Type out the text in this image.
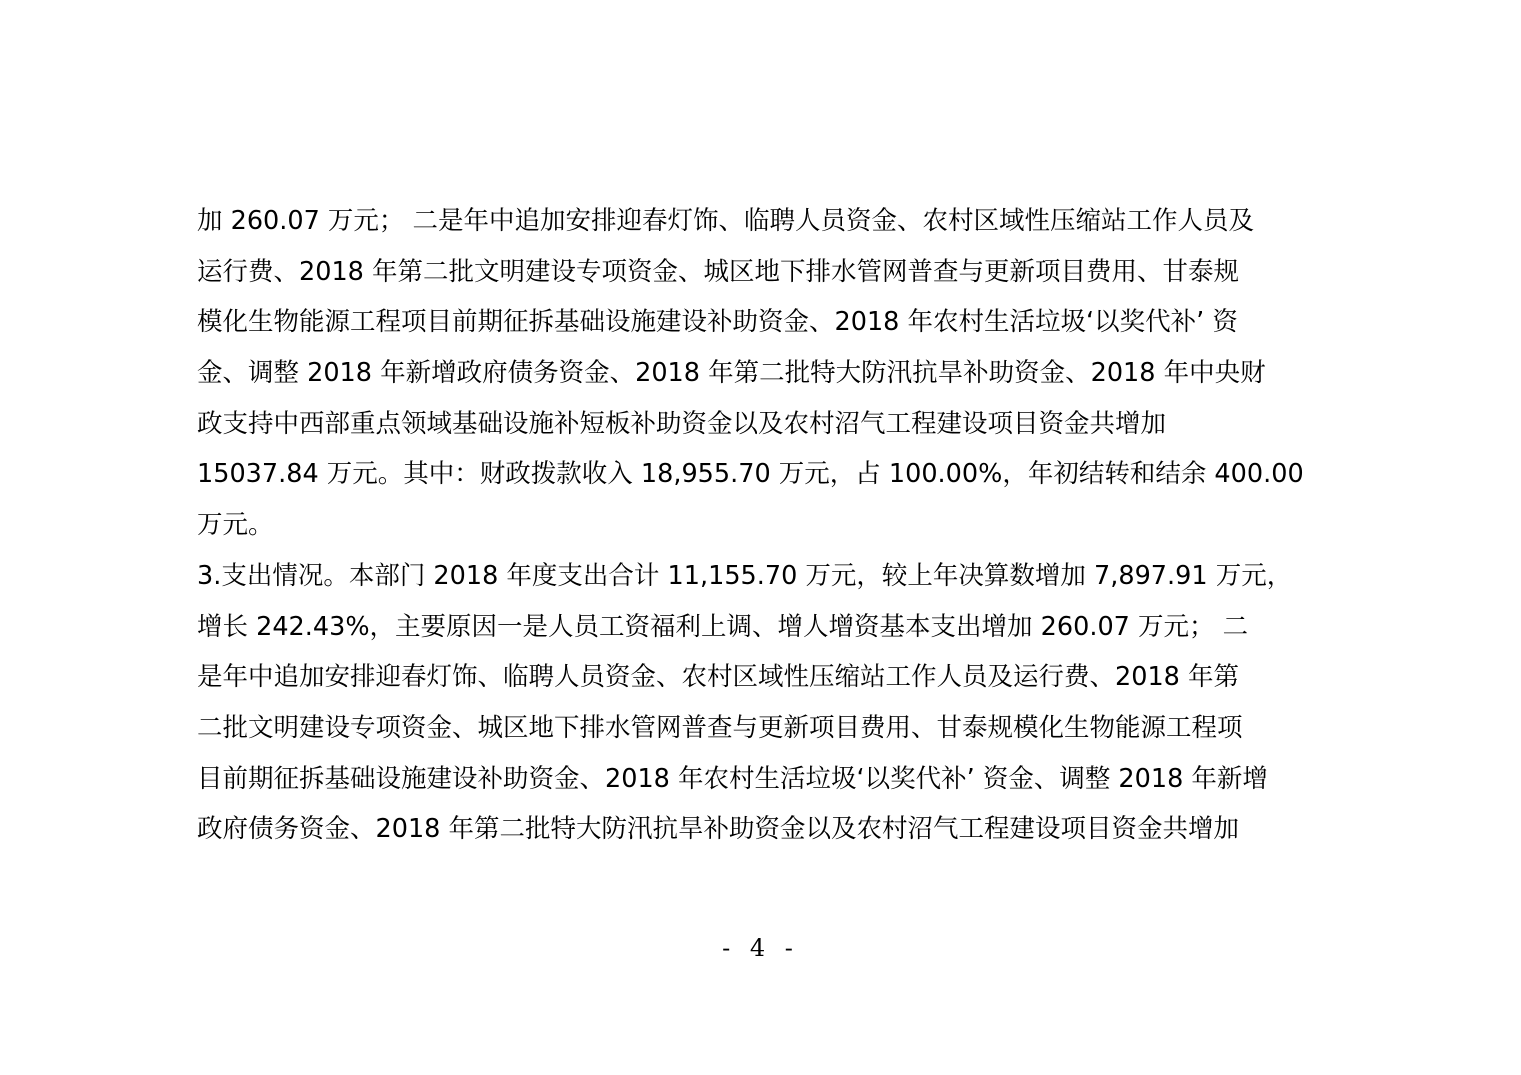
加 260.07 万元； 二是年中追加安排迎春灯饰、临聘人员资金、农村区域性压缩站工作人员及
运行费、2018 年第二批文明建设专项资金、城区地下排水管网普查与更新项目费用、甘泰规
模化生物能源工程项目前期征拆基础设施建设补助资金、2018 年农村生活垃圾‘以奖代补’ 资
金、调整 2018 年新增政府债务资金、2018 年第二批特大防汛抗旱补助资金、2018 年中央财
政支持中西部重点领域基础设施补短板补助资金以及农村沼气工程建设项目资金共增加
15037.84 万元。其中：财政拨款收入 18,955.70 万元，占 100.00%，年初结转和结余 400.00
万元。
3.支出情况。本部门 2018 年度支出合计 11,155.70 万元，较上年决算数增加 7,897.91 万元，
增长 242.43%，主要原因一是人员工资福利上调、增人增资基本支出增加 260.07 万元； 二
是年中追加安排迎春灯饰、临聘人员资金、农村区域性压缩站工作人员及运行费、2018 年第
二批文明建设专项资金、城区地下排水管网普查与更新项目费用、甘泰规模化生物能源工程项
目前期征拆基础设施建设补助资金、2018 年农村生活垃圾‘以奖代补’ 资金、调整 2018 年新增
政府债务资金、2018 年第二批特大防汛抗旱补助资金以及农村沼气工程建设项目资金共增加
- 4 -
